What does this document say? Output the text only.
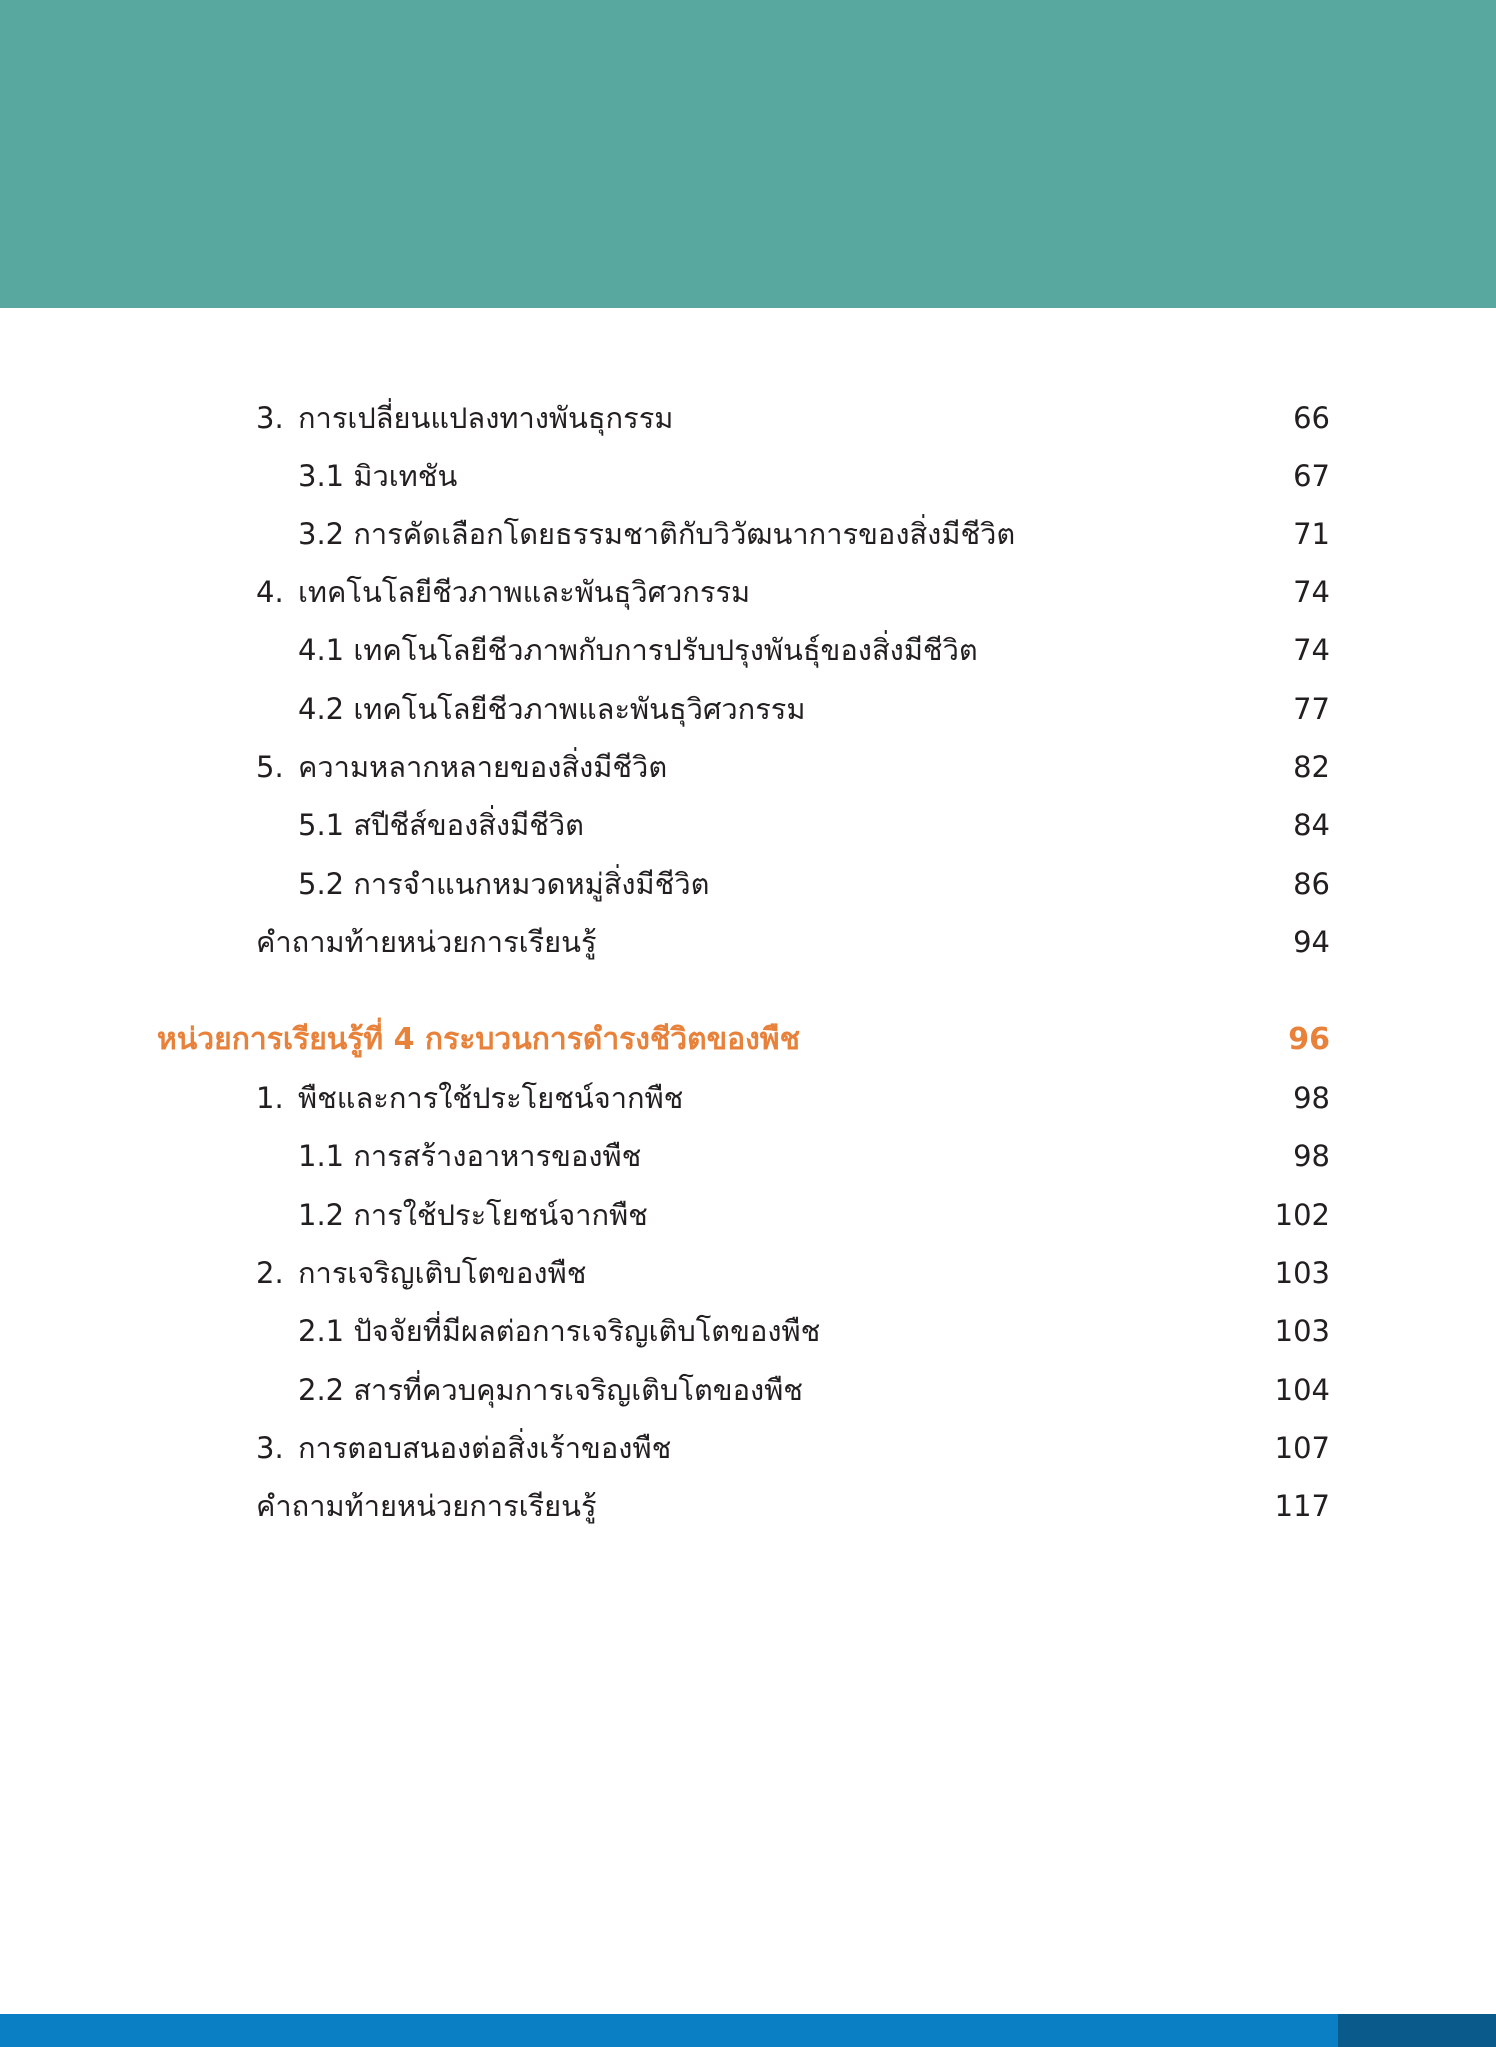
3. การเปลี่ยนแปลงทางพันธุกรรม	66
3.1 มิวเทชัน	67
3.2 การคัดเลือกโดยธรรมชาติกับวิวัฒนาการของสิ่งมีชีวิต	71
4. เทคโนโลยีชีวภาพและพันธุวิศวกรรม	74
4.1 เทคโนโลยีชีวภาพกับการปรับปรุงพันธุ์ของสิ่งมีชีวิต	74
4.2 เทคโนโลยีชีวภาพและพันธุวิศวกรรม	77
5. ความหลากหลายของสิ่งมีชีวิต	82
5.1 สปีชีส์ของสิ่งมีชีวิต	84
5.2 การจำแนกหมวดหมู่สิ่งมีชีวิต	86
คำถามท้ายหน่วยการเรียนรู้	94
หน่วยการเรียนรู้ที่ 4 กระบวนการดำรงชีวิตของพืช	96
1. พืชและการใช้ประโยชน์จากพืช	98
1.1 การสร้างอาหารของพืช	98
1.2 การใช้ประโยชน์จากพืช	102
2. การเจริญเติบโตของพืช	103
2.1 ปัจจัยที่มีผลต่อการเจริญเติบโตของพืช	103
2.2 สารที่ควบคุมการเจริญเติบโตของพืช	104
3. การตอบสนองต่อสิ่งเร้าของพืช	107
คำถามท้ายหน่วยการเรียนรู้	117
